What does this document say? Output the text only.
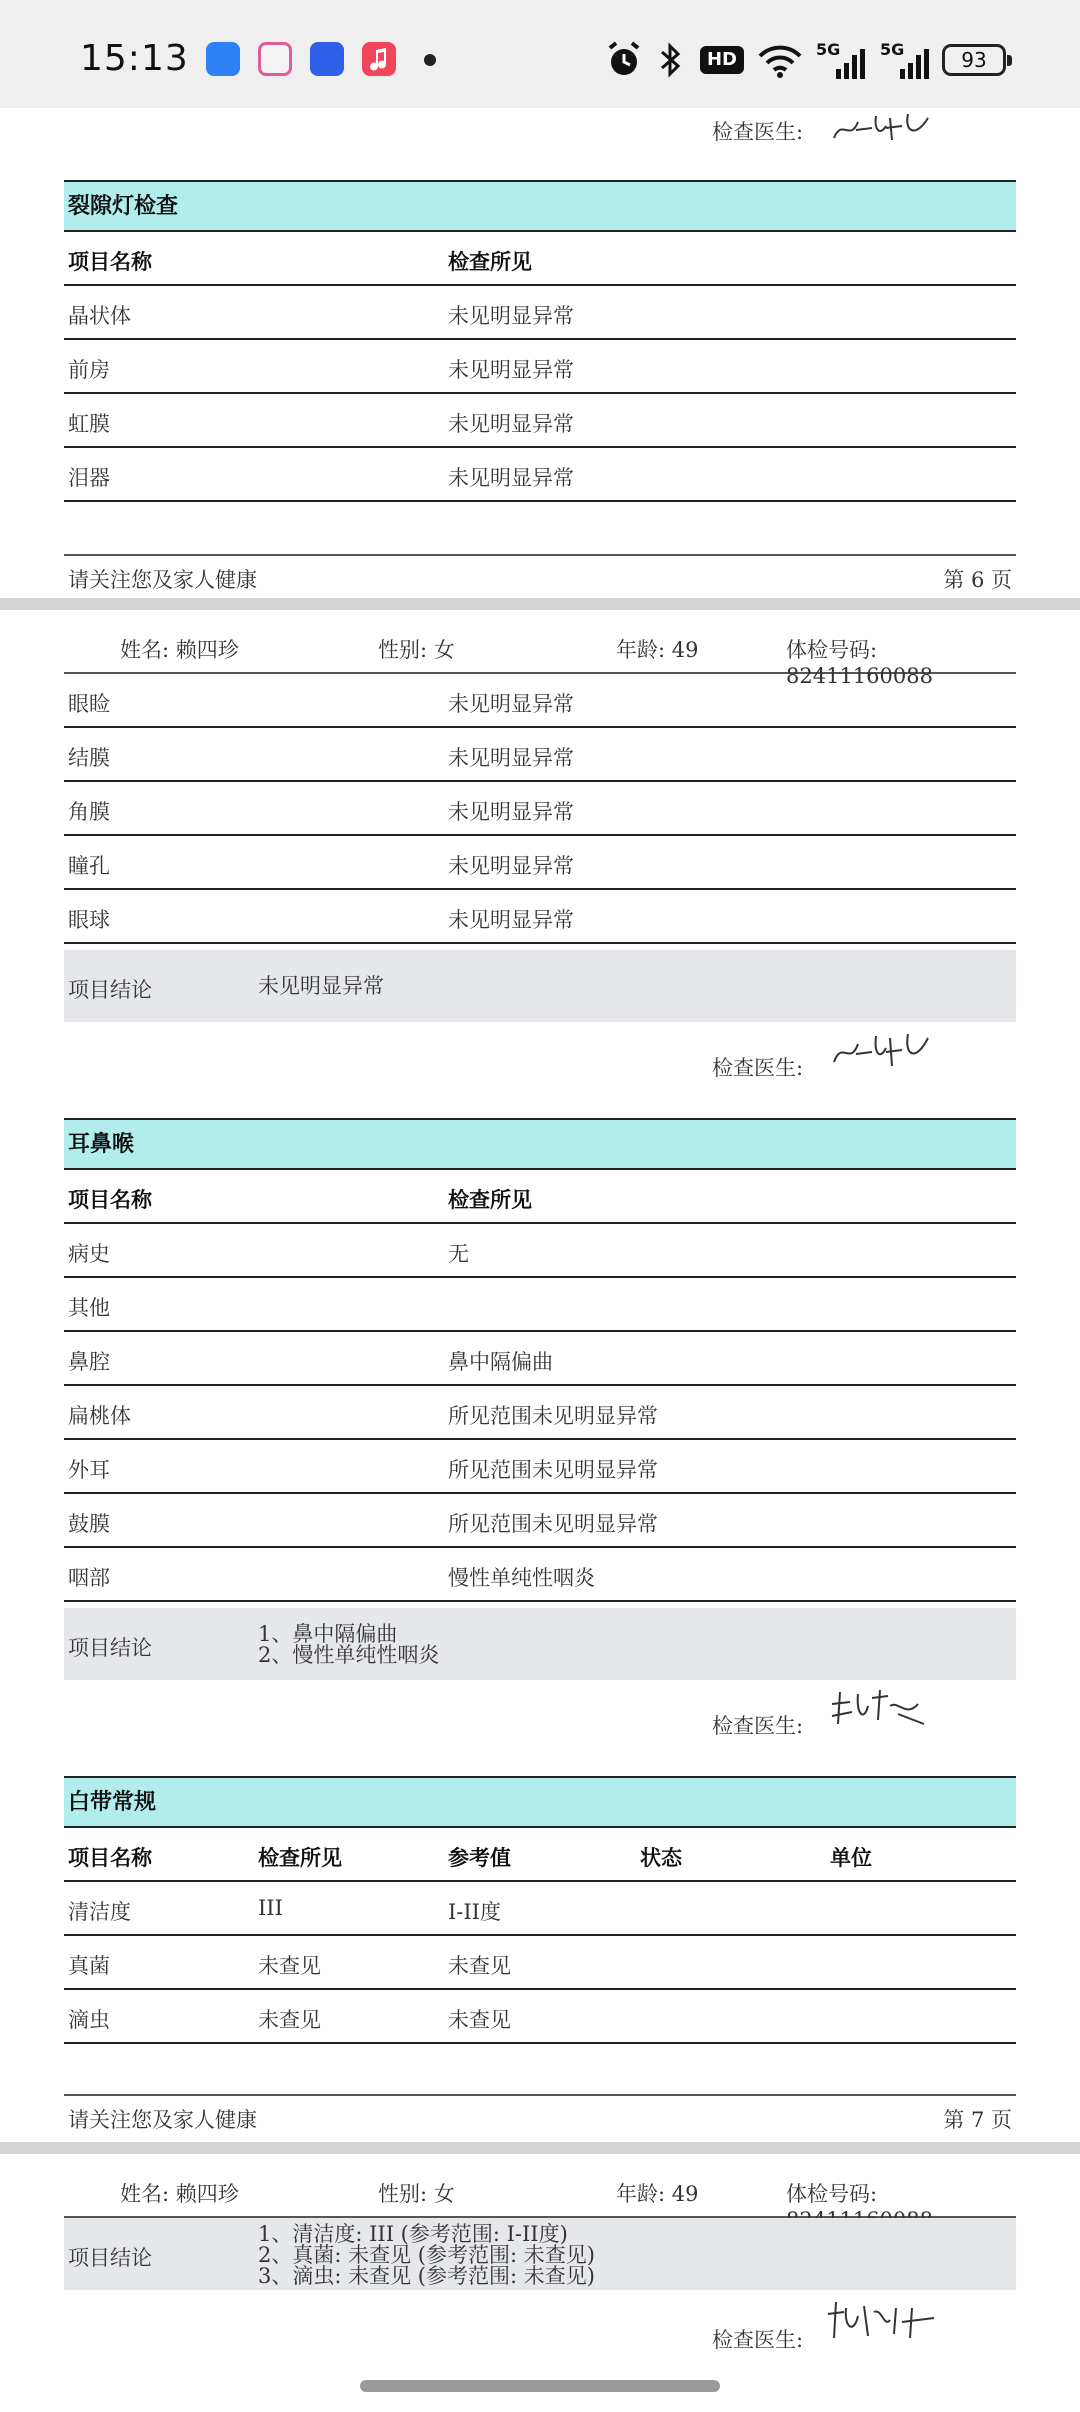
15:13	HD	5G 5G	93
检查医生:
裂隙灯检查
项目名称	检查所见
晶状体	未见明显异常
前房	未见明显异常
虹膜	未见明显异常
泪器	未见明显异常
请关注您及家人健康	第 6 页
姓名: 赖四珍	性别: 女	年龄: 49	体检号码: 82411160088
眼睑	未见明显异常
结膜	未见明显异常
角膜	未见明显异常
瞳孔	未见明显异常
眼球	未见明显异常
项目结论	未见明显异常
检查医生:
耳鼻喉
项目名称	检查所见
病史	无
其他
鼻腔	鼻中隔偏曲
扁桃体	所见范围未见明显异常
外耳	所见范围未见明显异常
鼓膜	所见范围未见明显异常
咽部	慢性单纯性咽炎
项目结论
1、鼻中隔偏曲
2、慢性单纯性咽炎
检查医生:
白带常规
项目名称	检查所见	参考值	状态	单位
清洁度	III	I-II度
真菌	未查见	未查见
滴虫	未查见	未查见
请关注您及家人健康	第 7 页
姓名: 赖四珍	性别: 女	年龄: 49	体检号码:
项目结论
1、清洁度: III (参考范围: I-II度)
2、真菌: 未查见 (参考范围: 未查见)
3、滴虫: 未查见 (参考范围: 未查见)
检查医生:
